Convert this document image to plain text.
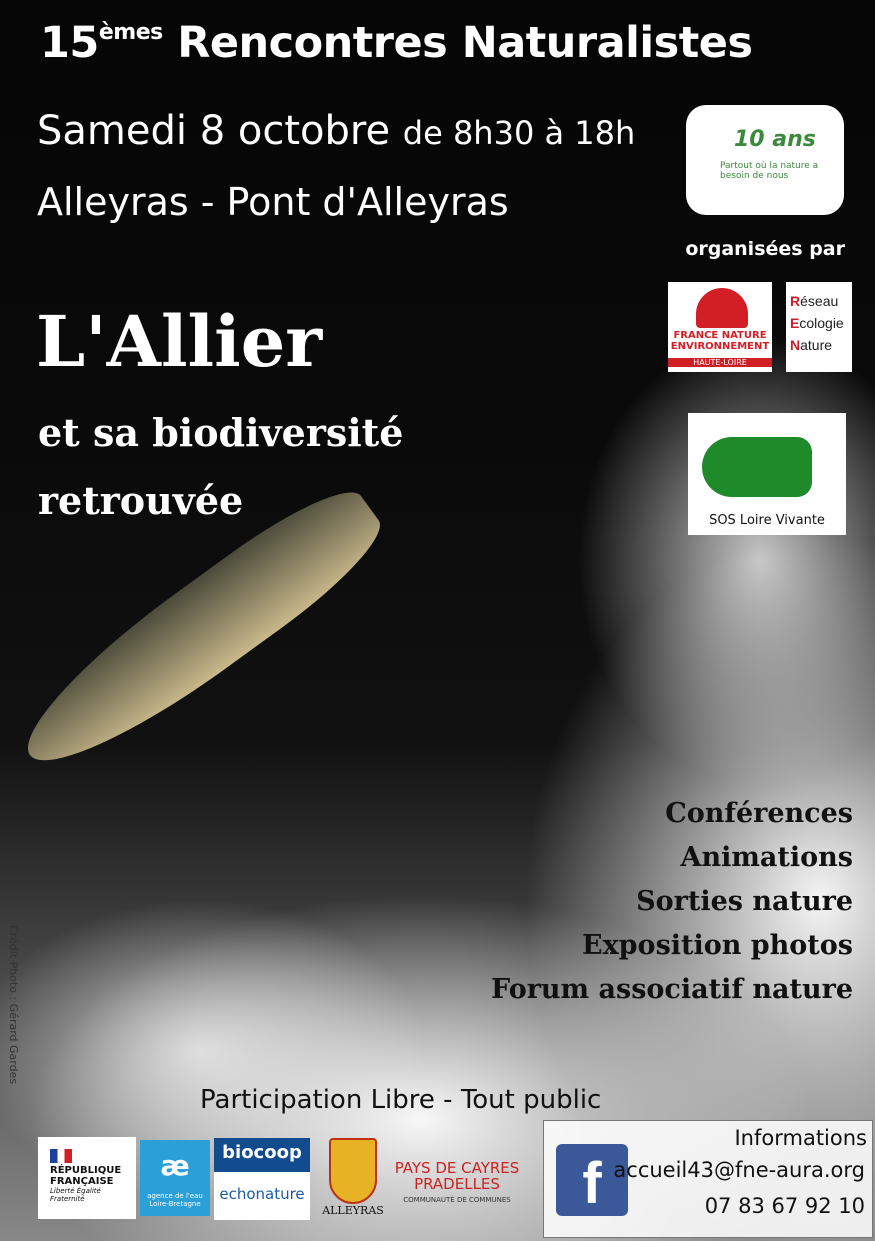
15èmes Rencontres Naturalistes
Samedi 8 octobre de 8h30 à 18h
Alleyras - Pont d'Alleyras
L'Allier
et sa biodiversité
retrouvée
10 ans
Partout où la nature a besoin de nous
organisées par
FRANCE NATURE ENVIRONNEMENT
HAUTE-LOIRE
Réseau
Ecologie
Nature
SOS Loire Vivante
Conférences
Animations
Sorties nature
Exposition photos
Forum associatif nature
Crédit Photo : Gérard Gardes
Participation Libre - Tout public
RÉPUBLIQUE FRANÇAISE
Liberté Égalité Fraternité
æ
agence de l'eau Loire-Bretagne
biocoop
echonature
ALLEYRAS
PAYS DE CAYRES PRADELLES
COMMUNAUTÉ DE COMMUNES	f
Informations
accueil43@fne-aura.org
07 83 67 92 10
